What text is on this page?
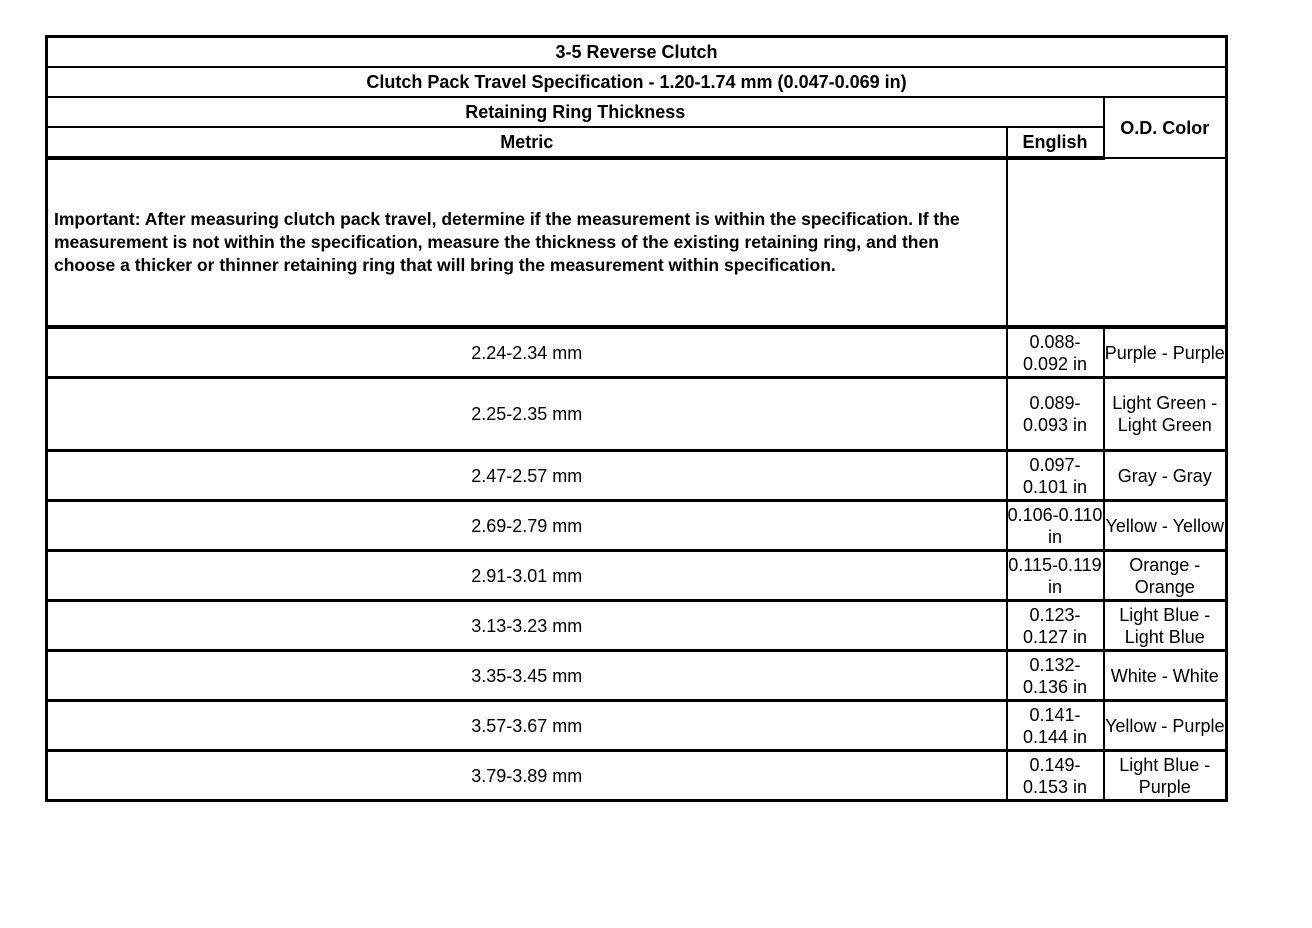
3-5 Reverse Clutch		
Clutch Pack Travel Specification - 1.20-1.74 mm (0.047-0.069 in)		
Retaining Ring Thickness		O.D. Color
Metric	English	
Important: After measuring clutch pack travel, determine if the measurement is within the specification. If the measurement is not within the specification, measure the thickness of the existing retaining ring, and then choose a thicker or thinner retaining ring that will bring the measurement within specification.		
2.24-2.34 mm	0.088-0.092 in	Purple - Purple
2.25-2.35 mm	0.089-0.093 in	Light Green - Light Green
2.47-2.57 mm	0.097-0.101 in	Gray - Gray
2.69-2.79 mm	0.106-0.110 in	Yellow - Yellow
2.91-3.01 mm	0.115-0.119 in	Orange - Orange
3.13-3.23 mm	0.123-0.127 in	Light Blue - Light Blue
3.35-3.45 mm	0.132-0.136 in	White - White
3.57-3.67 mm	0.141-0.144 in	Yellow - Purple
3.79-3.89 mm	0.149-0.153 in	Light Blue - Purple
